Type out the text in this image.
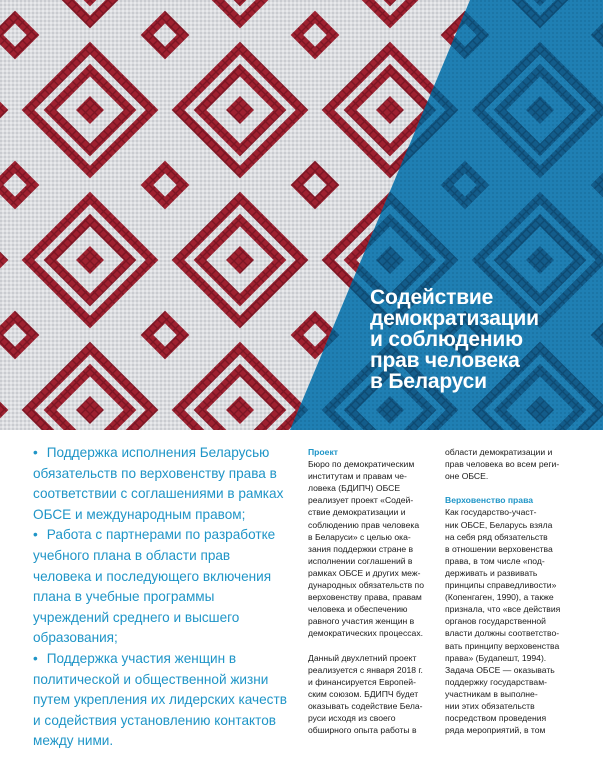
Содействие
демократизации
и соблюдению
прав человека
в Беларуси
• Поддержка исполнения Беларусью
обязательств по верховенству права в
соответствии с соглашениями в рамках
ОБСЕ и международным правом;
• Работа с партнерами по разработке
учебного плана в области прав
человека и последующего включения
плана в учебные программы
учреждений среднего и высшего
образования;
• Поддержка участия женщин в
политической и общественной жизни
путем укрепления их лидерских качеств
и содействия установлению контактов
между ними.
Проект
Бюро по демократическим
институтам и правам че-
ловека (БДИПЧ) ОБСЕ
реализует проект «Содей-
ствие демократизации и
соблюдению прав человека
в Беларуси» с целью ока-
зания поддержки стране в
исполнении соглашений в
рамках ОБСЕ и других меж-
дународных обязательств по
верховенству права, правам
человека и обеспечению
равного участия женщин в
демократических процессах.
Данный двухлетний проект
реализуется с января 2018 г.
и финансируется Европей-
ским союзом. БДИПЧ будет
оказывать содействие Бела-
руси исходя из своего
обширного опыта работы в
области демократизации и
прав человека во всем реги-
оне ОБСЕ.
Верховенство права
Как государство-участ-
ник ОБСЕ, Беларусь взяла
на себя ряд обязательств
в отношении верховенства
права, в том числе «под-
держивать и развивать
принципы справедливости»
(Копенгаген, 1990), а также
признала, что «все действия
органов государственной
власти должны соответство-
вать принципу верховенства
права» (Будапешт, 1994).
Задача ОБСЕ — оказывать
поддержку государствам-
участникам в выполне-
нии этих обязательств
посредством проведения
ряда мероприятий, в том
